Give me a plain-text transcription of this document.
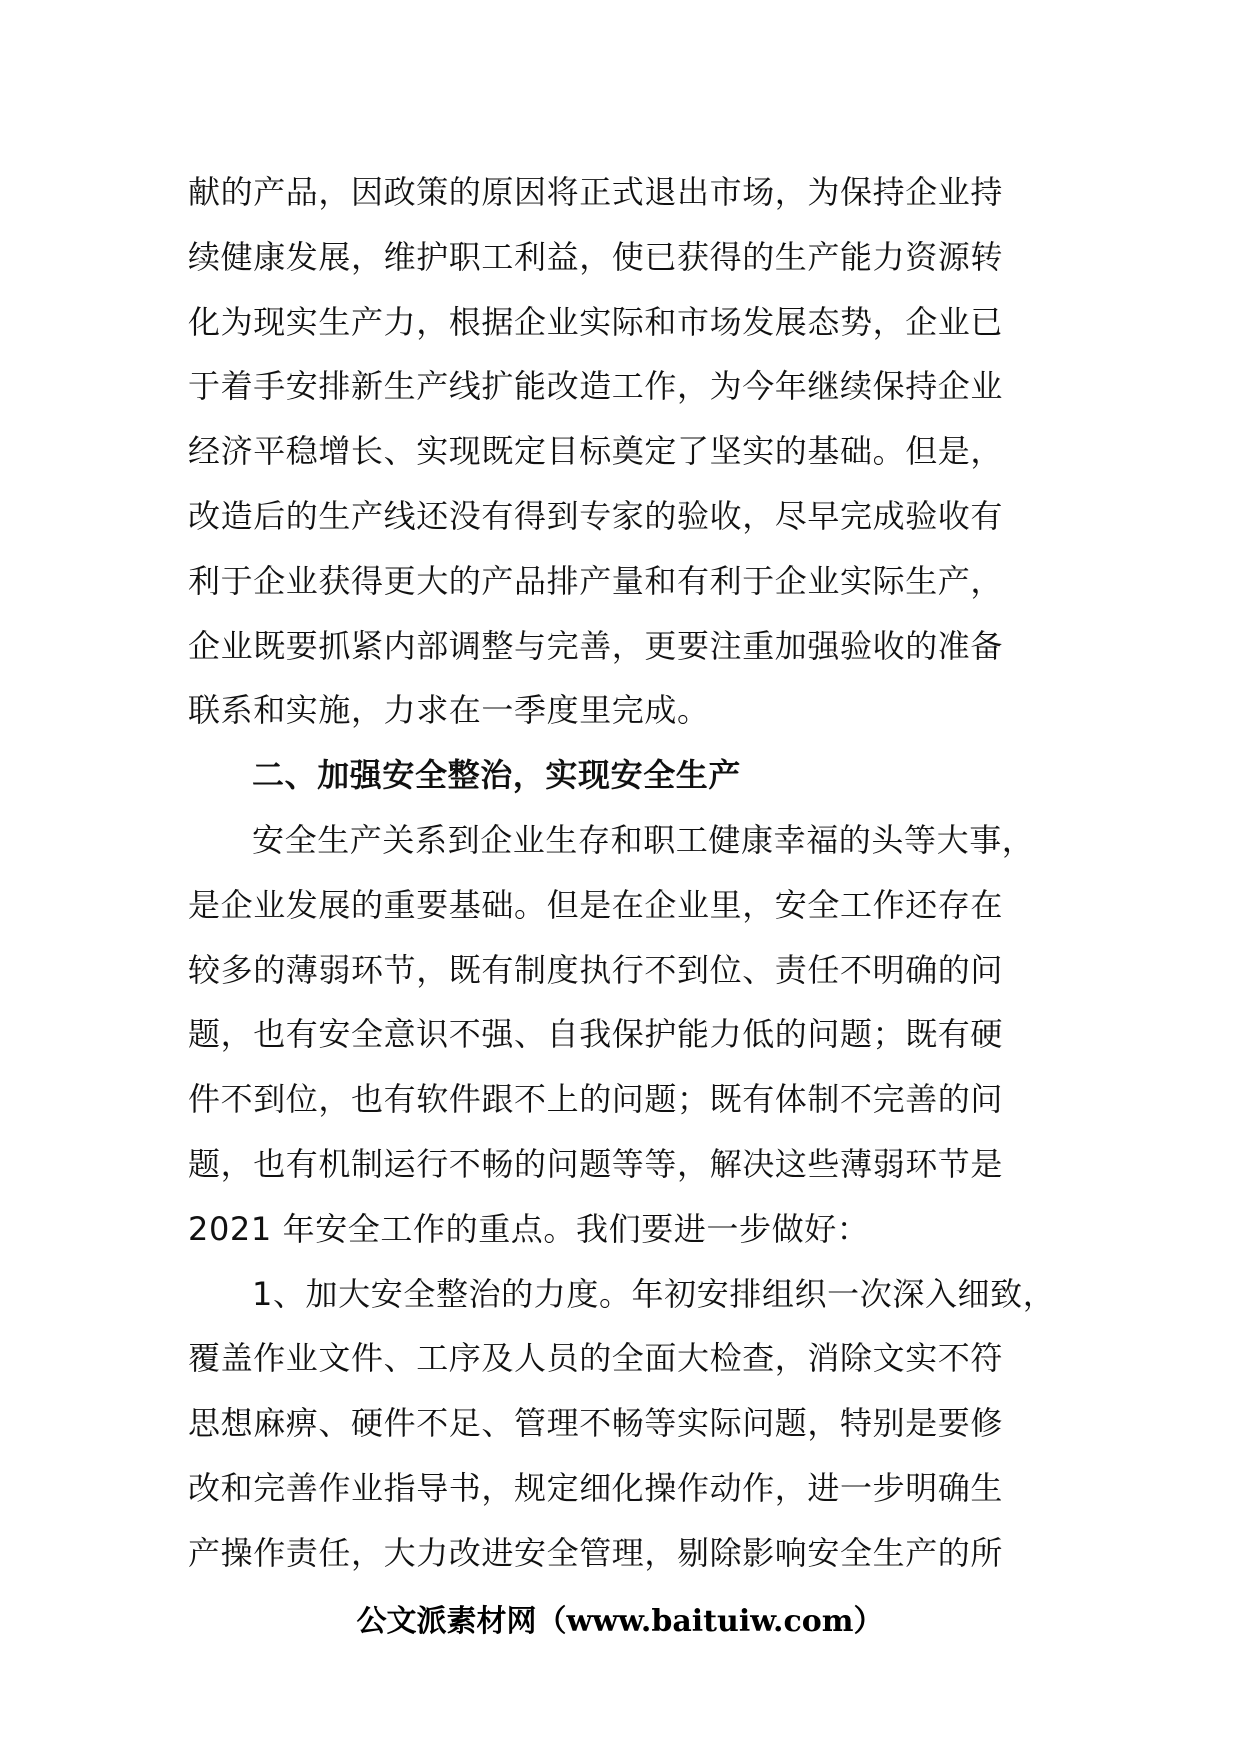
献的产品，因政策的原因将正式退出市场，为保持企业持
续健康发展，维护职工利益，使已获得的生产能力资源转
化为现实生产力，根据企业实际和市场发展态势，企业已
于着手安排新生产线扩能改造工作，为今年继续保持企业
经济平稳增长、实现既定目标奠定了坚实的基础。但是，
改造后的生产线还没有得到专家的验收，尽早完成验收有
利于企业获得更大的产品排产量和有利于企业实际生产，
企业既要抓紧内部调整与完善，更要注重加强验收的准备
联系和实施，力求在一季度里完成。
二、加强安全整治，实现安全生产
安全生产关系到企业生存和职工健康幸福的头等大事，
是企业发展的重要基础。但是在企业里，安全工作还存在
较多的薄弱环节，既有制度执行不到位、责任不明确的问
题，也有安全意识不强、自我保护能力低的问题；既有硬
件不到位，也有软件跟不上的问题；既有体制不完善的问
题，也有机制运行不畅的问题等等，解决这些薄弱环节是
2021 年安全工作的重点。我们要进一步做好：
1、加大安全整治的力度。年初安排组织一次深入细致，
覆盖作业文件、工序及人员的全面大检查，消除文实不符
思想麻痹、硬件不足、管理不畅等实际问题，特别是要修
改和完善作业指导书，规定细化操作动作，进一步明确生
产操作责任，大力改进安全管理，剔除影响安全生产的所
公文派素材网（www.baituiw.com）
